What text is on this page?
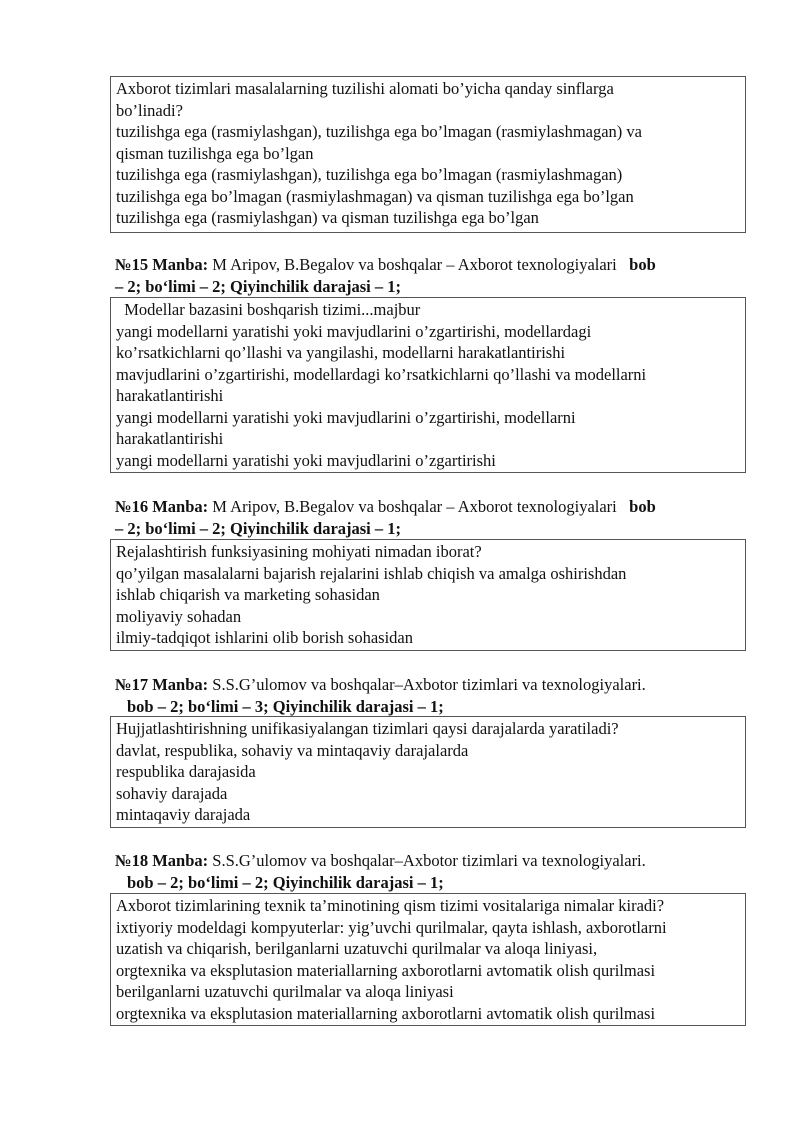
Axborot tizimlari masalalarning tuzilishi alomati bo’yicha qanday sinflarga
bo’linadi?
tuzilishga ega (rasmiylashgan), tuzilishga ega bo’lmagan (rasmiylashmagan) va
qisman tuzilishga ega bo’lgan
tuzilishga ega (rasmiylashgan), tuzilishga ega bo’lmagan (rasmiylashmagan)
tuzilishga ega bo’lmagan (rasmiylashmagan) va qisman tuzilishga ega bo’lgan
tuzilishga ega (rasmiylashgan) va qisman tuzilishga ega bo’lgan
№15 Manba: M Aripov, B.Begalov va boshqalar – Axborot texnologiyalari   bob
– 2; bo‘limi – 2; Qiyinchilik darajasi – 1;
Modellar bazasini boshqarish tizimi...majbur
yangi modellarni yaratishi yoki mavjudlarini o’zgartirishi, modellardagi
ko’rsatkichlarni qo’llashi va yangilashi, modellarni harakatlantirishi
mavjudlarini o’zgartirishi, modellardagi ko’rsatkichlarni qo’llashi va modellarni
harakatlantirishi
yangi modellarni yaratishi yoki mavjudlarini o’zgartirishi, modellarni
harakatlantirishi
yangi modellarni yaratishi yoki mavjudlarini o’zgartirishi
№16 Manba: M Aripov, B.Begalov va boshqalar – Axborot texnologiyalari   bob
– 2; bo‘limi – 2; Qiyinchilik darajasi – 1;
Rejalashtirish funksiyasining mohiyati nimadan iborat?
qo’yilgan masalalarni bajarish rejalarini ishlab chiqish va amalga oshirishdan
ishlab chiqarish va marketing sohasidan
moliyaviy sohadan
ilmiy-tadqiqot ishlarini olib borish sohasidan
№17 Manba: S.S.G’ulomov va boshqalar–Axbotor tizimlari va texnologiyalari.
bob – 2; bo‘limi – 3; Qiyinchilik darajasi – 1;
Hujjatlashtirishning unifikasiyalangan tizimlari qaysi darajalarda yaratiladi?
davlat, respublika, sohaviy va mintaqaviy darajalarda
respublika darajasida
sohaviy darajada
mintaqaviy darajada
№18 Manba: S.S.G’ulomov va boshqalar–Axbotor tizimlari va texnologiyalari.
bob – 2; bo‘limi – 2; Qiyinchilik darajasi – 1;
Axborot tizimlarining texnik ta’minotining qism tizimi vositalariga nimalar kiradi?
ixtiyoriy modeldagi kompyuterlar: yig’uvchi qurilmalar, qayta ishlash, axborotlarni
uzatish va chiqarish, berilganlarni uzatuvchi qurilmalar va aloqa liniyasi,
orgtexnika va eksplutasion materiallarning axborotlarni avtomatik olish qurilmasi
berilganlarni uzatuvchi qurilmalar va aloqa liniyasi
orgtexnika va eksplutasion materiallarning axborotlarni avtomatik olish qurilmasi
